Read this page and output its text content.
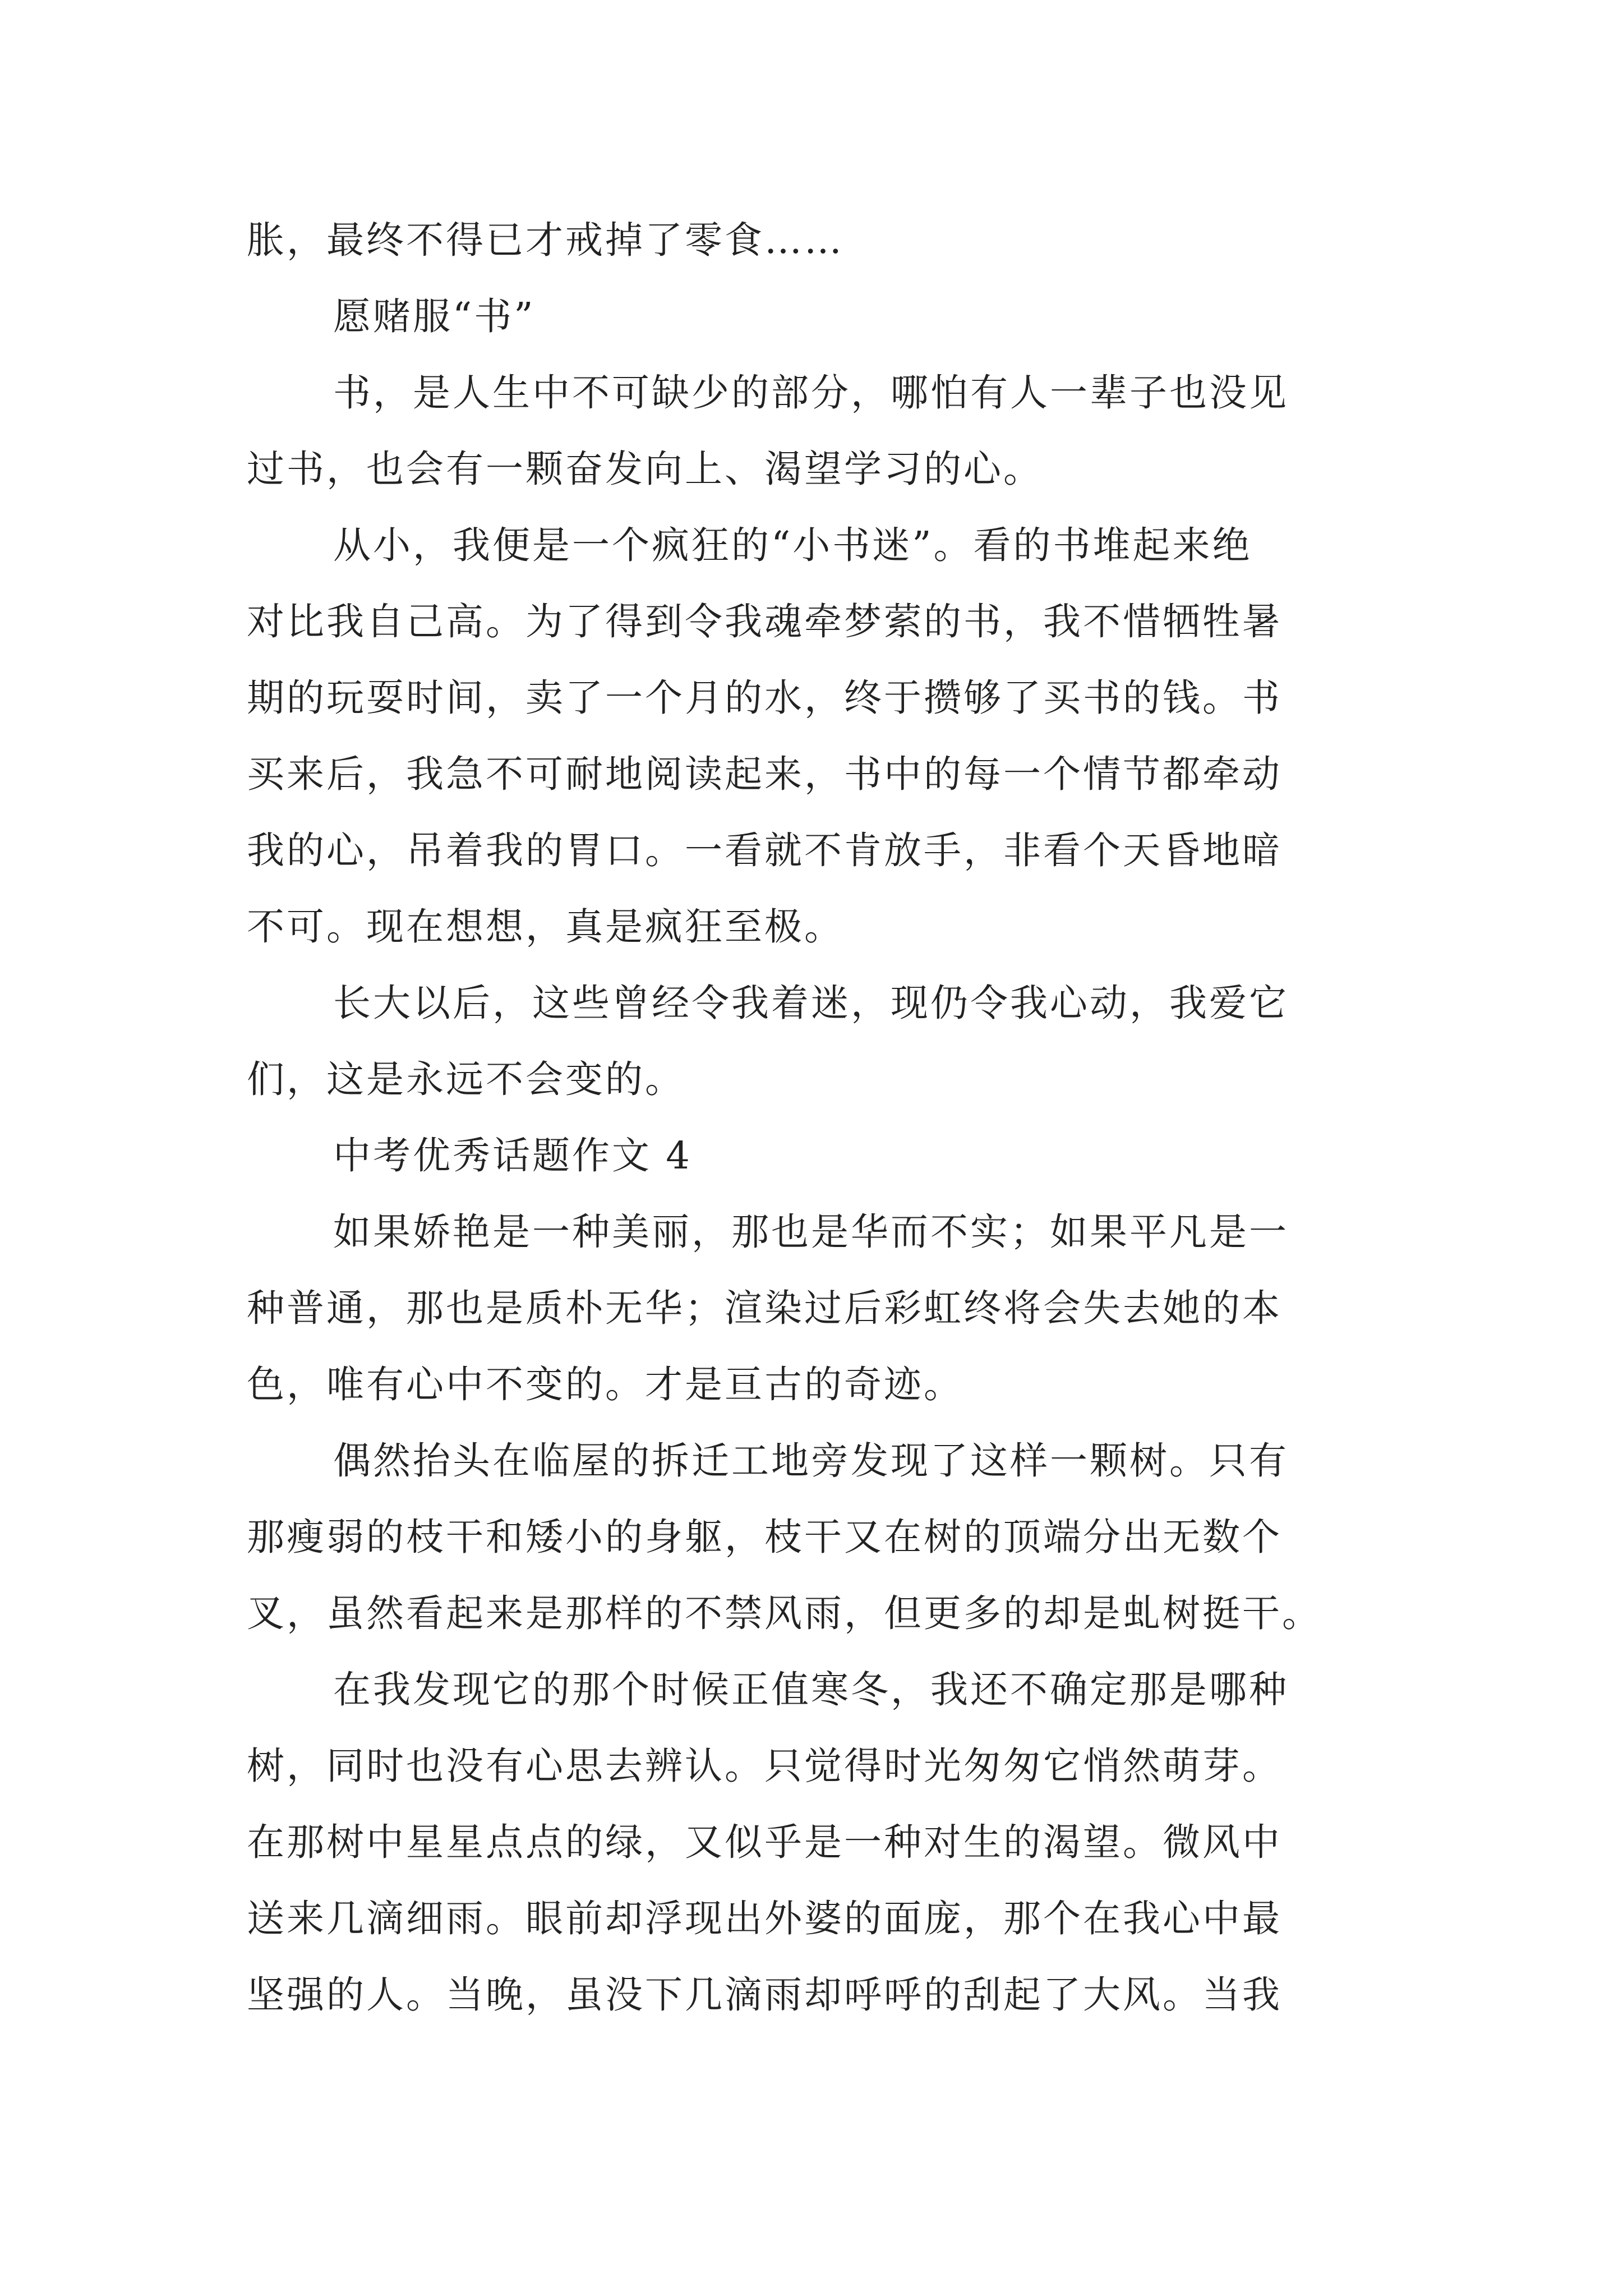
胀，最终不得已才戒掉了零食……
愿赌服“书”
书，是人生中不可缺少的部分，哪怕有人一辈子也没见
过书，也会有一颗奋发向上、渴望学习的心。
从小，我便是一个疯狂的“小书迷”。看的书堆起来绝
对比我自己高。为了得到令我魂牵梦萦的书，我不惜牺牲暑
期的玩耍时间，卖了一个月的水，终于攒够了买书的钱。书
买来后，我急不可耐地阅读起来，书中的每一个情节都牵动
我的心，吊着我的胃口。一看就不肯放手，非看个天昏地暗
不可。现在想想，真是疯狂至极。
长大以后，这些曾经令我着迷，现仍令我心动，我爱它
们，这是永远不会变的。
中考优秀话题作文 4
如果娇艳是一种美丽，那也是华而不实；如果平凡是一
种普通，那也是质朴无华；渲染过后彩虹终将会失去她的本
色，唯有心中不变的。才是亘古的奇迹。
偶然抬头在临屋的拆迁工地旁发现了这样一颗树。只有
那瘦弱的枝干和矮小的身躯，枝干又在树的顶端分出无数个
叉，虽然看起来是那样的不禁风雨，但更多的却是虬树挺干。
在我发现它的那个时候正值寒冬，我还不确定那是哪种
树，同时也没有心思去辨认。只觉得时光匆匆它悄然萌芽。
在那树中星星点点的绿，又似乎是一种对生的渴望。微风中
送来几滴细雨。眼前却浮现出外婆的面庞，那个在我心中最
坚强的人。当晚，虽没下几滴雨却呼呼的刮起了大风。当我
